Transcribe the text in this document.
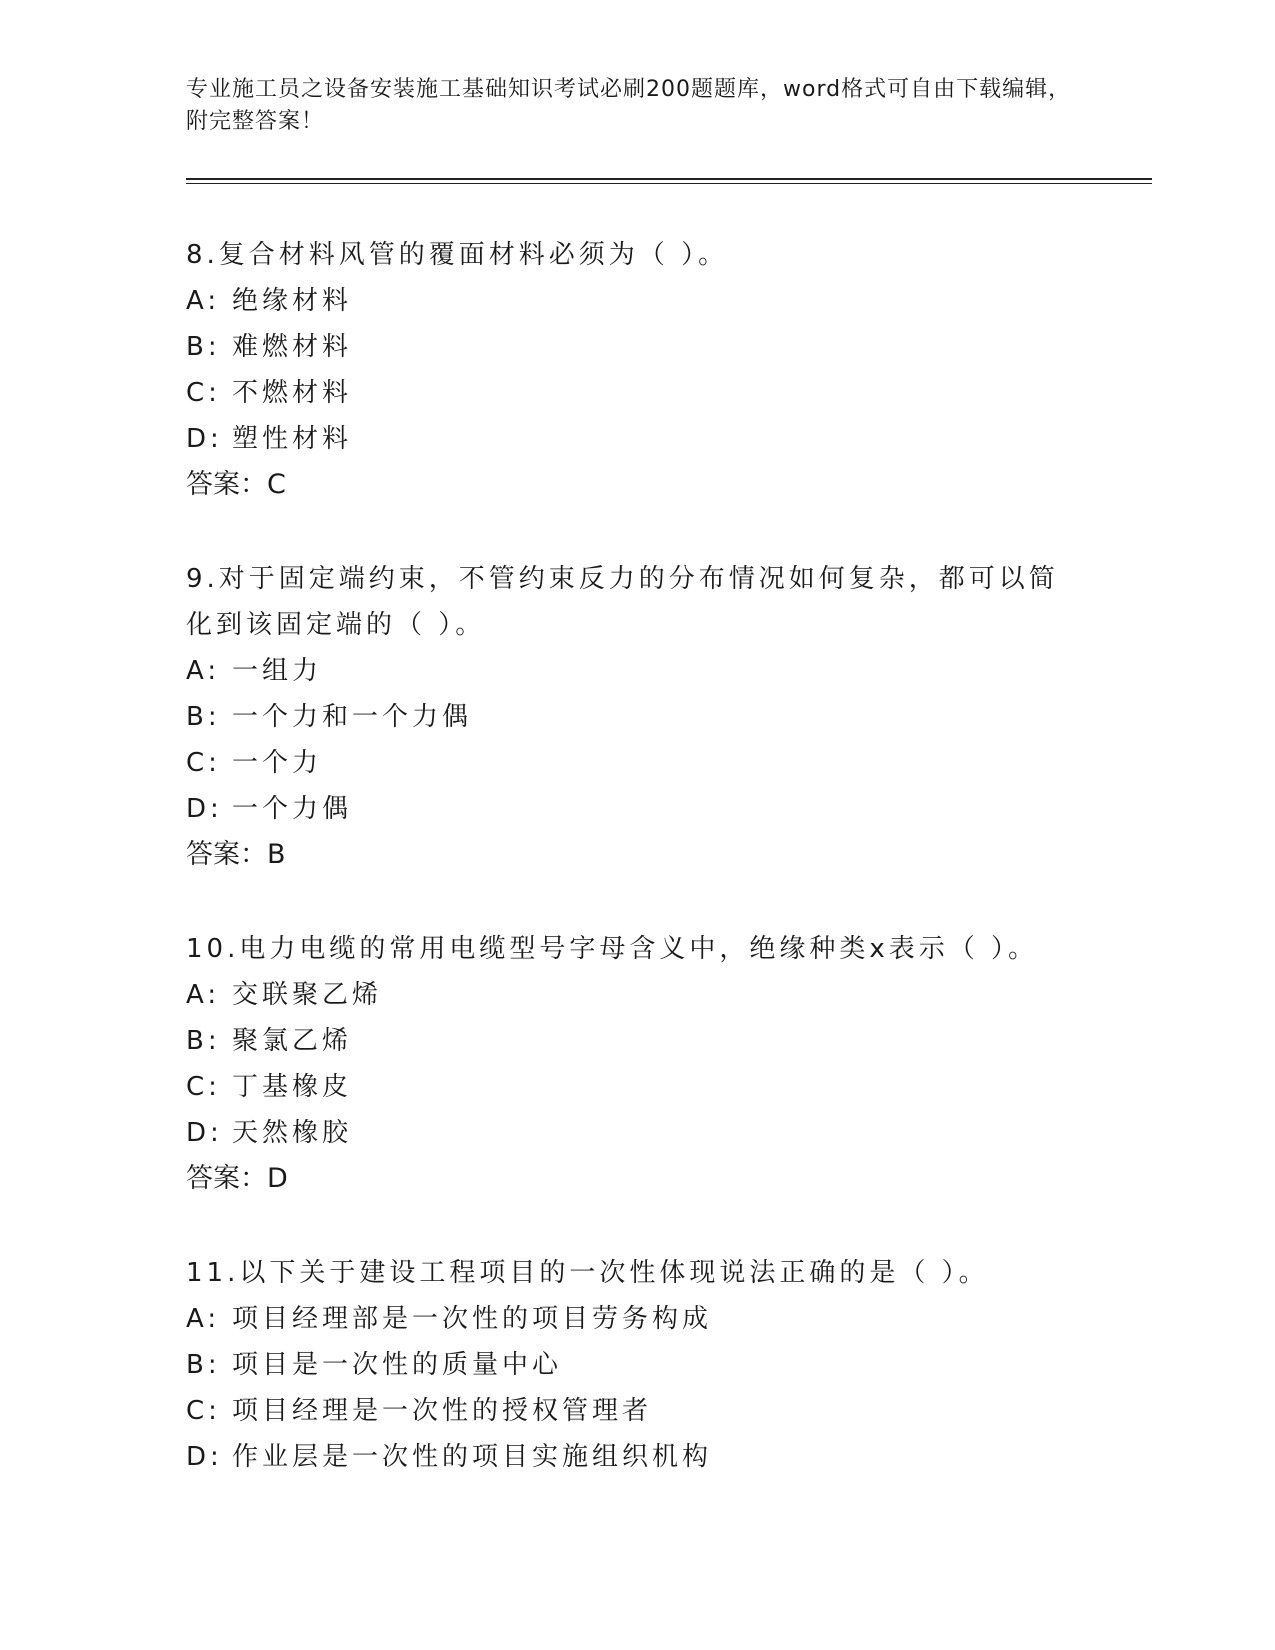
专业施工员之设备安装施工基础知识考试必刷200题题库，word格式可自由下载编辑，附完整答案！

8.复合材料风管的覆面材料必须为（ ）。

A: 绝缘材料

B: 难燃材料

C: 不燃材料

D: 塑性材料

答案：C

9.对于固定端约束，不管约束反力的分布情况如何复杂，都可以简化到该固定端的（ ）。

A: 一组力

B: 一个力和一个力偶

C: 一个力

D: 一个力偶

答案：B

10.电力电缆的常用电缆型号字母含义中，绝缘种类x表示（ ）。

A: 交联聚乙烯

B: 聚氯乙烯

C: 丁基橡皮

D: 天然橡胶

答案：D

11.以下关于建设工程项目的一次性体现说法正确的是（ ）。

A: 项目经理部是一次性的项目劳务构成

B: 项目是一次性的质量中心

C: 项目经理是一次性的授权管理者

D: 作业层是一次性的项目实施组织机构
